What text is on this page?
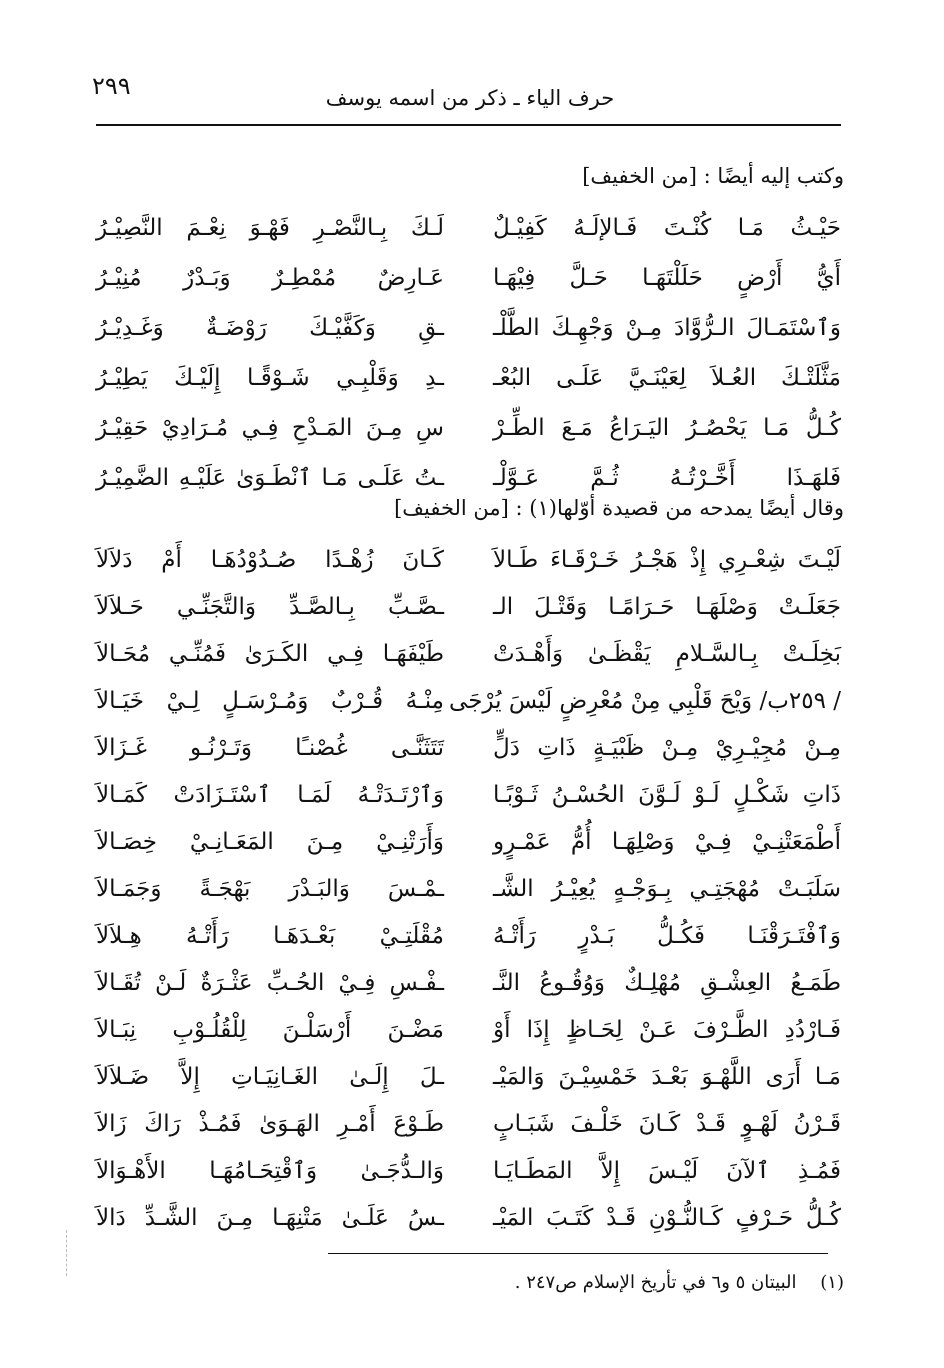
٢٩٩	حرف الياء ـ ذكر من اسمه يوسف
وكتب إليه أيضًا : [من الخفيف]
حَيْـثُ مَـا كُنْـتَ فَـالإلَـهُ كَفِيْـلٌ
لَـكَ بِـالنَّصْـرِ فَهْـوَ نِعْـمَ النَّصِيْـرُ
أَيُّ أَرْضٍ حَلَلْتَهَـا حَـلَّ فِيْهَـا
عَـارِضٌ مُمْطِـرٌ وَبَـدْرٌ مُنِيْـرُ
وَٱسْتَمَـالَ الـرُّوَّادَ مِـنْ وَجْهِـكَ الطَّلْـ
ـقِ وَكَفَّيْـكَ رَوْضَـةٌ وَغَـدِيْـرُ
مَثَّلَتْـكَ العُـلاَ لِعَيْنَـيَّ عَلَـى البُعْـ
ـدِ وَقَلْبِـي شَـوْقًـا إِلَيْـكَ يَطِيْـرُ
كُـلُّ مَـا يَحْصُـرُ اليَـرَاعُ مَـعَ الطِّـرْ
سِ مِـنَ المَـدْحِ فِـي مُـرَادِيْ حَقِيْـرُ
فَلهَـذَا أَخَّـرْتُـهُ ثُـمَّ عَـوَّلْـ
ـتُ عَلَـى مَـا ٱنْطَـوَىٰ عَلَيْـهِ الضَّمِيْـرُ
وقال أيضًا يمدحه من قصيدة أوّلها(١) : [من الخفيف]
لَيْـتَ شِعْـرِي إِذْ هَجْـرُ خَـرْقَـاءَ طَـالاَ
كَـانَ زُهْـدًا صُـدُوْدُهَـا أَمْ دَلاَلاَ
جَعَلَـتْ وَصْلَهَـا حَـرَامًـا وَقَتْـلَ الـ
ـصَّـبِّ بِـالصَّـدِّ وَالتَّجَنِّـي حَـلاَلاَ
بَخِلَـتْ بِـالسَّـلامِ يَقْظَـىٰ وَأَهْـدَتْ
طَيْفَهَـا فِـي الكَـرَىٰ فَمُنِّـي مُحَـالاَ
/ ٢٥٩ب/ وَيْحَ قَلْبِي مِنْ مُعْرِضٍ لَيْسَ يُرْجَى
مِنْـهُ قُـرْبٌ وَمُـرْسَـلٍ لِـيْ خَيَـالاَ
مِـنْ مُجِيْـرِيْ مِـنْ ظَبْيَـةٍ ذَاتِ دَلٍّ
تَتَثَنَّـى غُصْنـًا وَتَـرْنُـو غَـزَالاَ
ذَاتِ شَكْـلٍ لَـوْ لَـوَّنَ الحُسْـنُ ثَـوْبًـا
وَٱرْتَـدَتْـهُ لَمَـا ٱسْتَـزَادَتْ كَمَـالاَ
أَطْمَعَتْنِـيْ فِـيْ وَصْلِهَـا أُمُّ عَمْـرٍو
وَأَرَتْنِـيْ مِـنَ المَعَـانِـيْ خِصَـالاَ
سَلَبَـتْ مُهْجَتِـي بِـوَجْـهٍ يُعِيْـرُ الشَّـ
ـمْـسَ وَالبَـدْرَ بَهْجَـةً وَجَمَـالاَ
وَٱفْتَـرَقْنَـا فَكُـلُّ بَـدْرٍ رَأَتْـهُ
مُقْلَتِـيْ بَعْـدَهَـا رَأَتْـهُ هِـلاَلاَ
طَمَـعُ العِشْـقِ مُهْلِـكٌ وَوُقُـوعُ النَّـ
ـفْـسِ فِـيْ الحُـبِّ عَثْـرَةٌ لَـنْ تُقَـالاَ
فَـارْدُدِ الطَّـرْفَ عَـنْ لِحَـاظٍ إِذَا أَوْ
مَضْـنَ أَرْسَلْـنَ لِلْقُلُـوْبِ نِبَـالاَ
مَـا أَرَى اللَّهْـوَ بَعْـدَ خَمْسِيْـنَ وَالمَيْـ
ـلَ إِلَـىٰ الغَـانِيَـاتِ إِلاَّ ضَـلاَلاَ
قَـرْنُ لَهْـوٍ قَـدْ كَـانَ خَلْـفَ شَبَـابٍ
طَـوْعَ أَمْـرِ الهَـوَىٰ فَمُـذْ رَاكَ زَالاَ
فَمُـذِ ٱلآنَ لَيْـسَ إِلاَّ المَطَـايَـا
وَالـدُّجَـىٰ وَٱقْتِحَـامُهَـا الأَهْـوَالاَ
كُـلُّ حَـرْفٍ كَـالنُّـوْنِ قَـدْ كَتَـبَ المَيْـ
ـسُ عَلَـىٰ مَتْنِهَـا مِـنَ الشَّـدِّ دَالاَ
(١) البيتان ٥ و٦ في تأريخ الإسلام ص٢٤٧ .
